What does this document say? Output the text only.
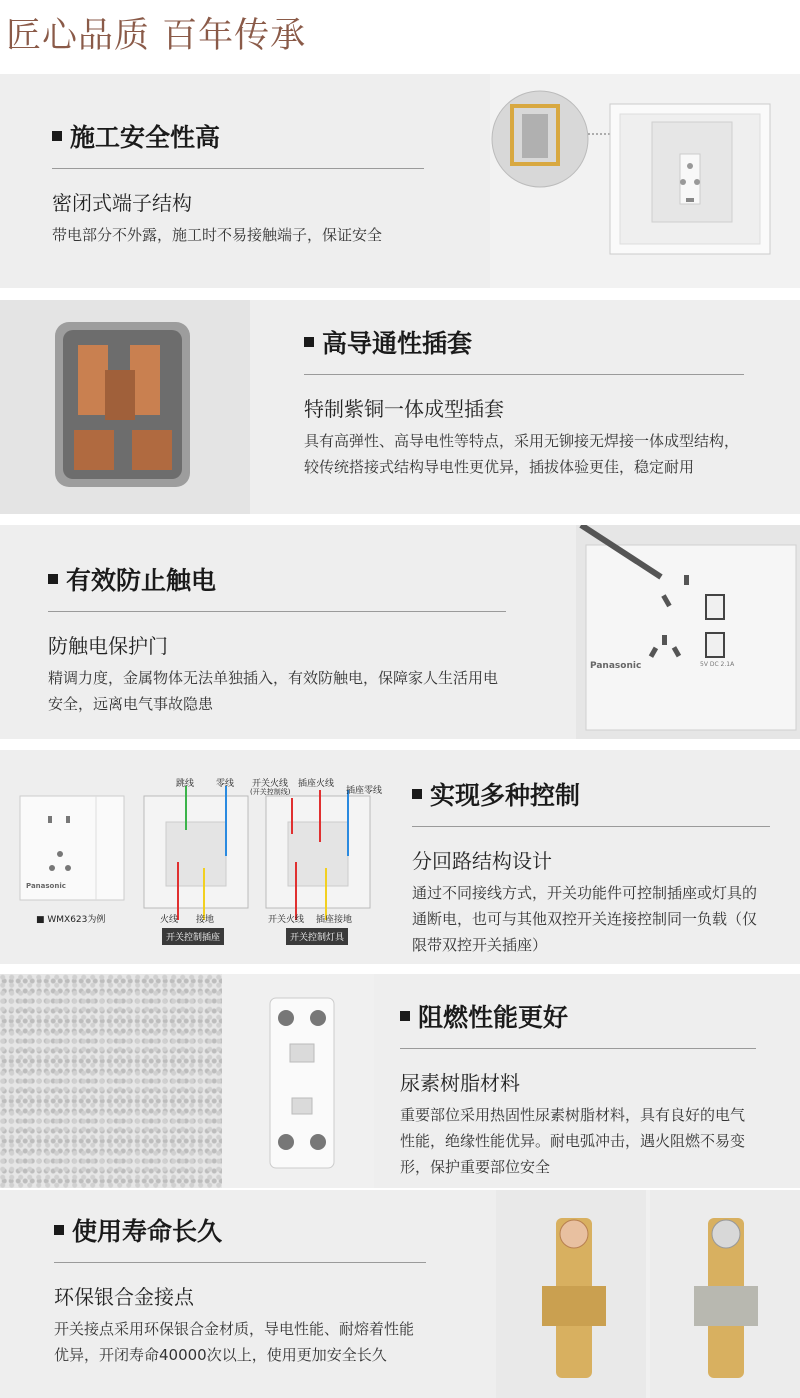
匠心品质 百年传承
施工安全性高
密闭式端子结构
带电部分不外露，施工时不易接触端子，保证安全
高导通性插套
特制紫铜一体成型插套
具有高弹性、高导电性等特点，采用无铆接无焊接一体成型结构，较传统搭接式结构导电性更优异，插拔体验更佳，稳定耐用
有效防止触电
防触电保护门
精调力度，金属物体无法单独插入，有效防触电，保障家人生活用电安全，远离电气事故隐患
Panasonic	5V DC 2.1A
Panasonic
■ WMX623为例
跳线 零线
火线 接地
开关控制插座
开关火线
(开关控制线)
插座火线
插座零线
开关火线 插座接地
开关控制灯具
实现多种控制
分回路结构设计
通过不同接线方式，开关功能件可控制插座或灯具的通断电，也可与其他双控开关连接控制同一负载（仅限带双控开关插座）
阻燃性能更好
尿素树脂材料
重要部位采用热固性尿素树脂材料，具有良好的电气性能，绝缘性能优异。耐电弧冲击，遇火阻燃不易变形，保护重要部位安全
使用寿命长久
环保银合金接点
开关接点采用环保银合金材质，导电性能、耐熔着性能优异，开闭寿命40000次以上，使用更加安全长久
